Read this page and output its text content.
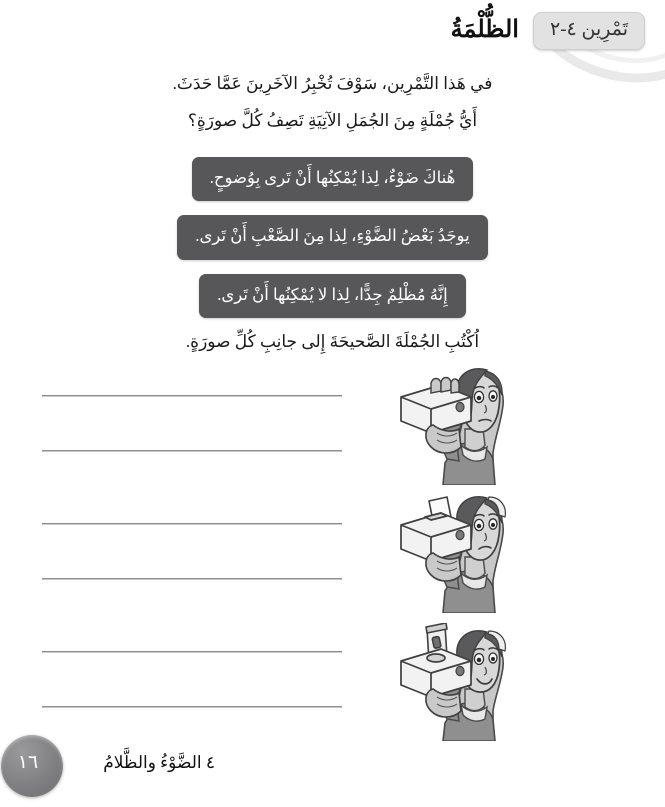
تَمْرِين ٤-٢
الظُّلْمَةُ

في هَذا التَّمْرِين، سَوْفَ تُخْبِرُ الآخَرِينَ عَمَّا حَدَثَ.

أَيُّ جُمْلَةٍ مِنَ الجُمَلِ الآتِيَةِ تَصِفُ كُلَّ صورَةٍ؟

هُناكَ ضَوْءٌ، لِذا يُمْكِنُها أَنْ تَرى بِوُضوحٍ.
يوجَدُ بَعْضُ الضَّوْءِ، لِذا مِنَ الصَّعْبِ أَنْ تَرى.
إِنَّهُ مُظْلِمٌ جِدًّا، لِذا لا يُمْكِنُها أَنْ تَرى.
اُكْتُبِ الجُمْلَةَ الصَّحيحَةَ إِلى جانِبِ كُلِّ صورَةٍ.
٤ الضَّوْءُ والظَّلامُ
١٦
